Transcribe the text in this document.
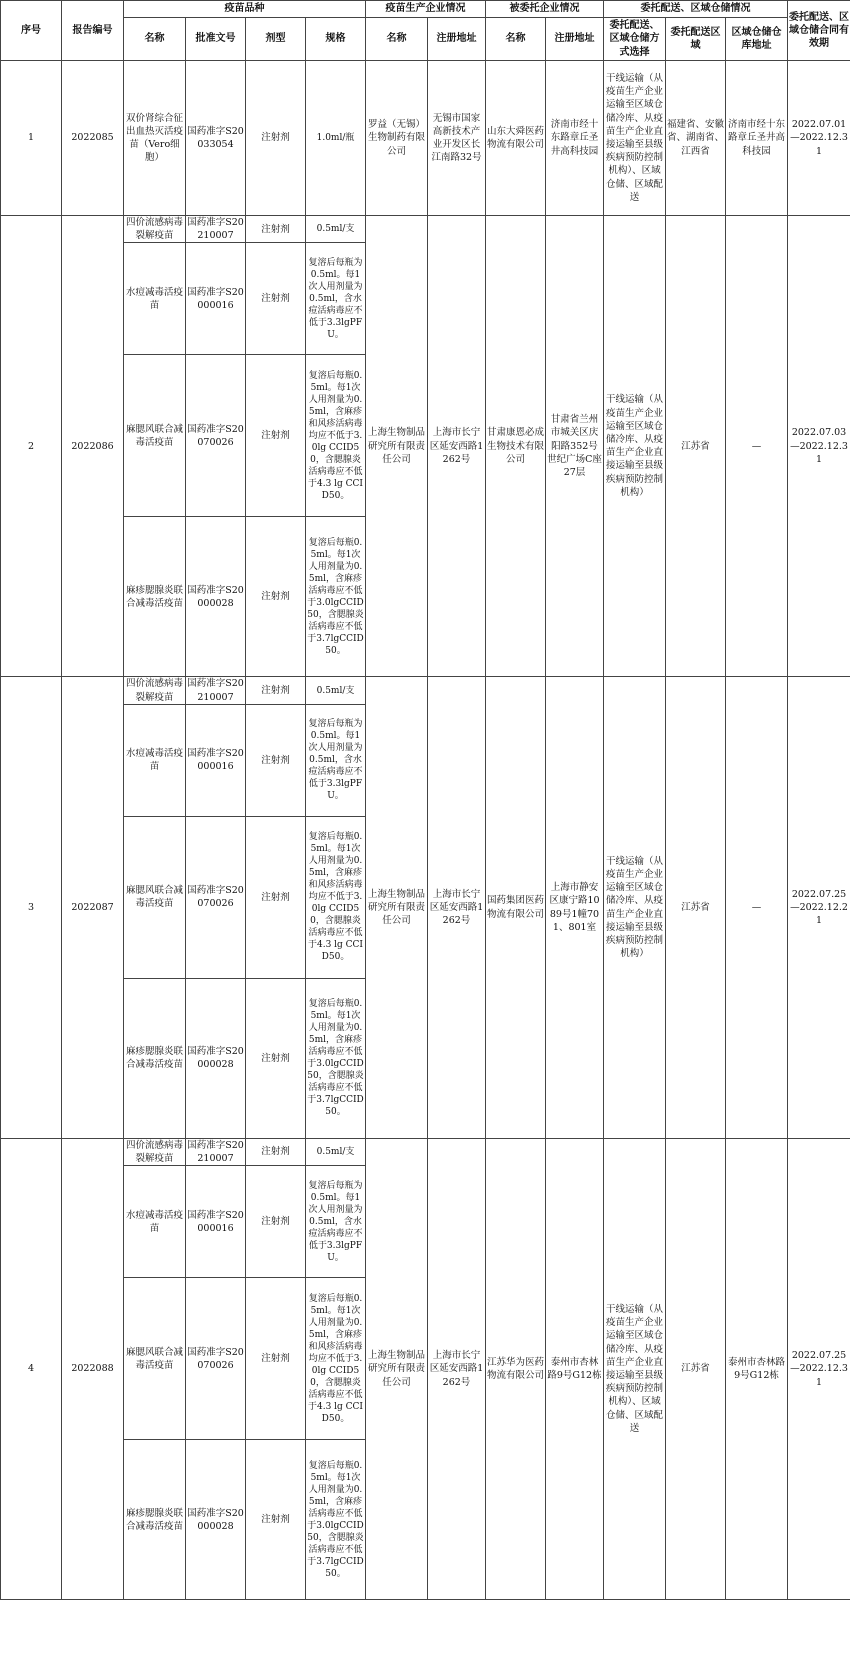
序号	报告编号	疫苗品种				疫苗生产企业情况		被委托企业情况		委托配送、区域仓储情况			委托配送、区域仓储合同有效期
		名称	批准文号	剂型	规格	名称	注册地址	名称	注册地址	委托配送、区域仓储方式选择	委托配送区域	区域仓储仓库地址	
1	2022085	双价肾综合征出血热灭活疫苗（Vero细胞）	国药准字S20033054	注射剂	1.0ml/瓶	罗益（无锡）生物制药有限公司	无锡市国家高新技术产业开发区长江南路32号	山东大舜医药物流有限公司	济南市经十东路章丘圣井高科技园	干线运输（从疫苗生产企业运输至区域仓储冷库、从疫苗生产企业直接运输至县级疾病预防控制机构）、区域仓储、区域配送	福建省、安徽省、湖南省、江西省	济南市经十东路章丘圣井高科技园	2022.07.01—2022.12.31
2	2022086	四价流感病毒裂解疫苗	国药准字S20210007	注射剂	0.5ml/支	上海生物制品研究所有限责任公司	上海市长宁区延安西路1262号	甘肃康恩必成生物技术有限公司	甘肃省兰州市城关区庆阳路352号世纪广场C座27层	干线运输（从疫苗生产企业运输至区域仓储冷库、从疫苗生产企业直接运输至县级疾病预防控制机构）	江苏省	—	2022.07.03—2022.12.31
		水痘减毒活疫苗	国药准字S20000016	注射剂	复溶后每瓶为0.5ml。每1次人用剂量为0.5ml，含水痘活病毒应不低于3.3lgPFU。								
		麻腮风联合减毒活疫苗	国药准字S20070026	注射剂	复溶后每瓶0.5ml。每1次人用剂量为0.5ml，含麻疹和风疹活病毒均应不低于3.0lg CCID50，含腮腺炎活病毒应不低于4.3 lg CCID50。								
		麻疹腮腺炎联合减毒活疫苗	国药准字S20000028	注射剂	复溶后每瓶0.5ml。每1次人用剂量为0.5ml，含麻疹活病毒应不低于3.0lgCCID50，含腮腺炎活病毒应不低于3.7lgCCID50。								
3	2022087	四价流感病毒裂解疫苗	国药准字S20210007	注射剂	0.5ml/支	上海生物制品研究所有限责任公司	上海市长宁区延安西路1262号	国药集团医药物流有限公司	上海市静安区康宁路1089号1幢701、801室	干线运输（从疫苗生产企业运输至区域仓储冷库、从疫苗生产企业直接运输至县级疾病预防控制机构）	江苏省	—	2022.07.25—2022.12.21
		水痘减毒活疫苗	国药准字S20000016	注射剂	复溶后每瓶为0.5ml。每1次人用剂量为0.5ml，含水痘活病毒应不低于3.3lgPFU。								
		麻腮风联合减毒活疫苗	国药准字S20070026	注射剂	复溶后每瓶0.5ml。每1次人用剂量为0.5ml，含麻疹和风疹活病毒均应不低于3.0lg CCID50，含腮腺炎活病毒应不低于4.3 lg CCID50。								
		麻疹腮腺炎联合减毒活疫苗	国药准字S20000028	注射剂	复溶后每瓶0.5ml。每1次人用剂量为0.5ml，含麻疹活病毒应不低于3.0lgCCID50，含腮腺炎活病毒应不低于3.7lgCCID50。								
4	2022088	四价流感病毒裂解疫苗	国药准字S20210007	注射剂	0.5ml/支	上海生物制品研究所有限责任公司	上海市长宁区延安西路1262号	江苏华为医药物流有限公司	泰州市杏林路9号G12栋	干线运输（从疫苗生产企业运输至区域仓储冷库、从疫苗生产企业直接运输至县级疾病预防控制机构）、区域仓储、区域配送	江苏省	泰州市杏林路9号G12栋	2022.07.25—2022.12.31
		水痘减毒活疫苗	国药准字S20000016	注射剂	复溶后每瓶为0.5ml。每1次人用剂量为0.5ml，含水痘活病毒应不低于3.3lgPFU。								
		麻腮风联合减毒活疫苗	国药准字S20070026	注射剂	复溶后每瓶0.5ml。每1次人用剂量为0.5ml，含麻疹和风疹活病毒均应不低于3.0lg CCID50，含腮腺炎活病毒应不低于4.3 lg CCID50。								
		麻疹腮腺炎联合减毒活疫苗	国药准字S20000028	注射剂	复溶后每瓶0.5ml。每1次人用剂量为0.5ml，含麻疹活病毒应不低于3.0lgCCID50，含腮腺炎活病毒应不低于3.7lgCCID50。								
